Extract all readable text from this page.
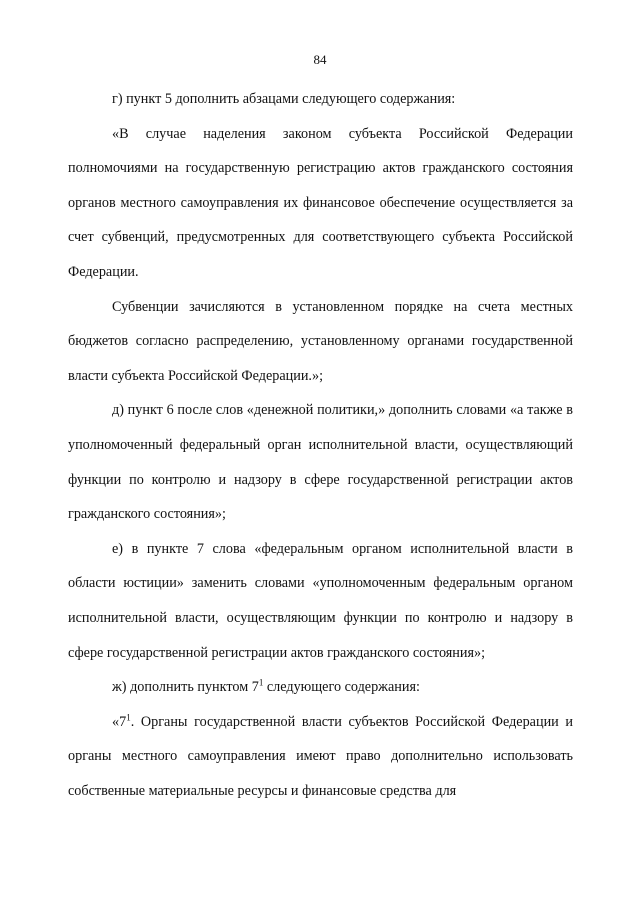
84

г) пункт 5 дополнить абзацами следующего содержания:

«В случае наделения законом субъекта Российской Федерации полномочиями на государственную регистрацию актов гражданского состояния органов местного самоуправления их финансовое обеспечение осуществляется за счет субвенций, предусмотренных для соответствующего субъекта Российской Федерации.

Субвенции зачисляются в установленном порядке на счета местных бюджетов согласно распределению, установленному органами государственной власти субъекта Российской Федерации.»;

д) пункт 6 после слов «денежной политики,» дополнить словами «а также в уполномоченный федеральный орган исполнительной власти, осуществляющий функции по контролю и надзору в сфере государственной регистрации актов гражданского состояния»;

е) в пункте 7 слова «федеральным органом исполнительной власти в области юстиции» заменить словами «уполномоченным федеральным органом исполнительной власти, осуществляющим функции по контролю и надзору в сфере государственной регистрации актов гражданского состояния»;

ж) дополнить пунктом $7^1$ следующего содержания:

«$7^1$. Органы государственной власти субъектов Российской Федерации и органы местного самоуправления имеют право дополнительно использовать собственные материальные ресурсы и финансовые средства для
